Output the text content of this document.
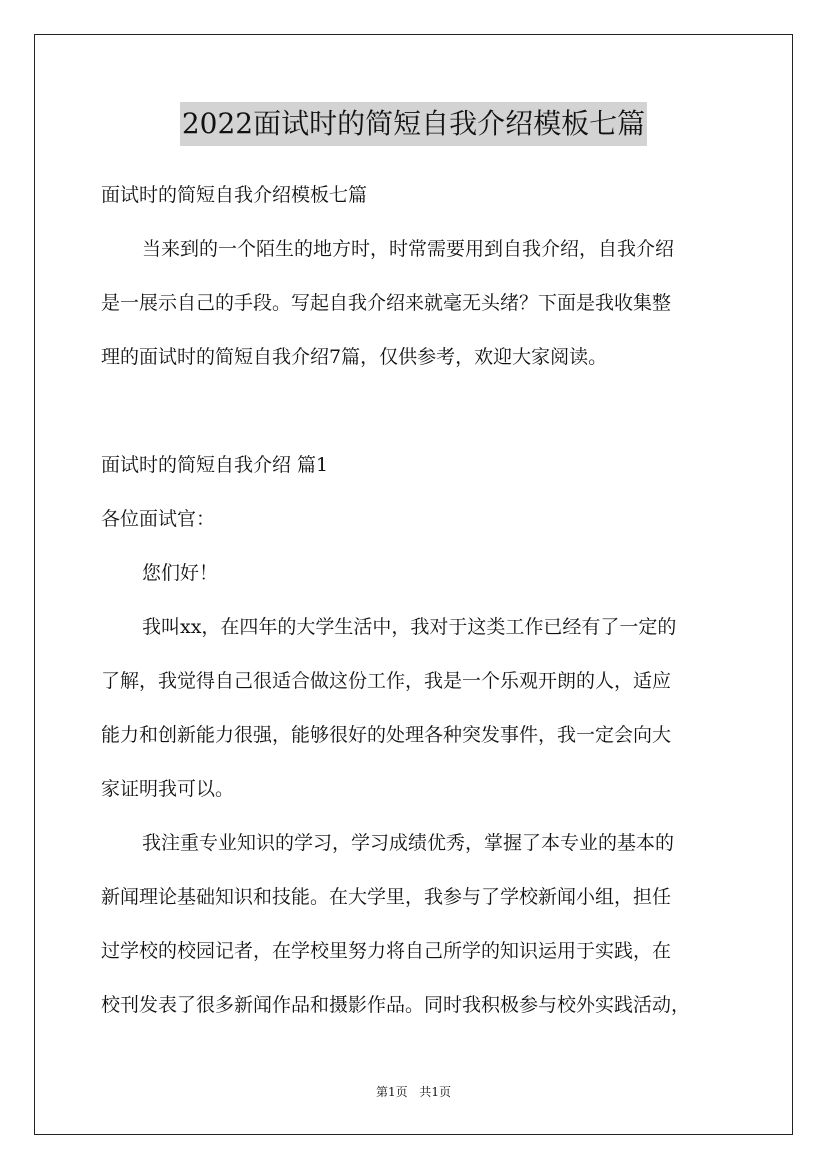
2022面试时的简短自我介绍模板七篇
面试时的简短自我介绍模板七篇
当来到的一个陌生的地方时，时常需要用到自我介绍，自我介绍
是一展示自己的手段。写起自我介绍来就毫无头绪？下面是我收集整
理的面试时的简短自我介绍7篇，仅供参考，欢迎大家阅读。
面试时的简短自我介绍 篇1
各位面试官：
您们好！
我叫xx，在四年的大学生活中，我对于这类工作已经有了一定的
了解，我觉得自己很适合做这份工作，我是一个乐观开朗的人，适应
能力和创新能力很强，能够很好的处理各种突发事件，我一定会向大
家证明我可以。
我注重专业知识的学习，学习成绩优秀，掌握了本专业的基本的
新闻理论基础知识和技能。在大学里，我参与了学校新闻小组，担任
过学校的校园记者，在学校里努力将自己所学的知识运用于实践，在
校刊发表了很多新闻作品和摄影作品。同时我积极参与校外实践活动，
第1页 共1页
